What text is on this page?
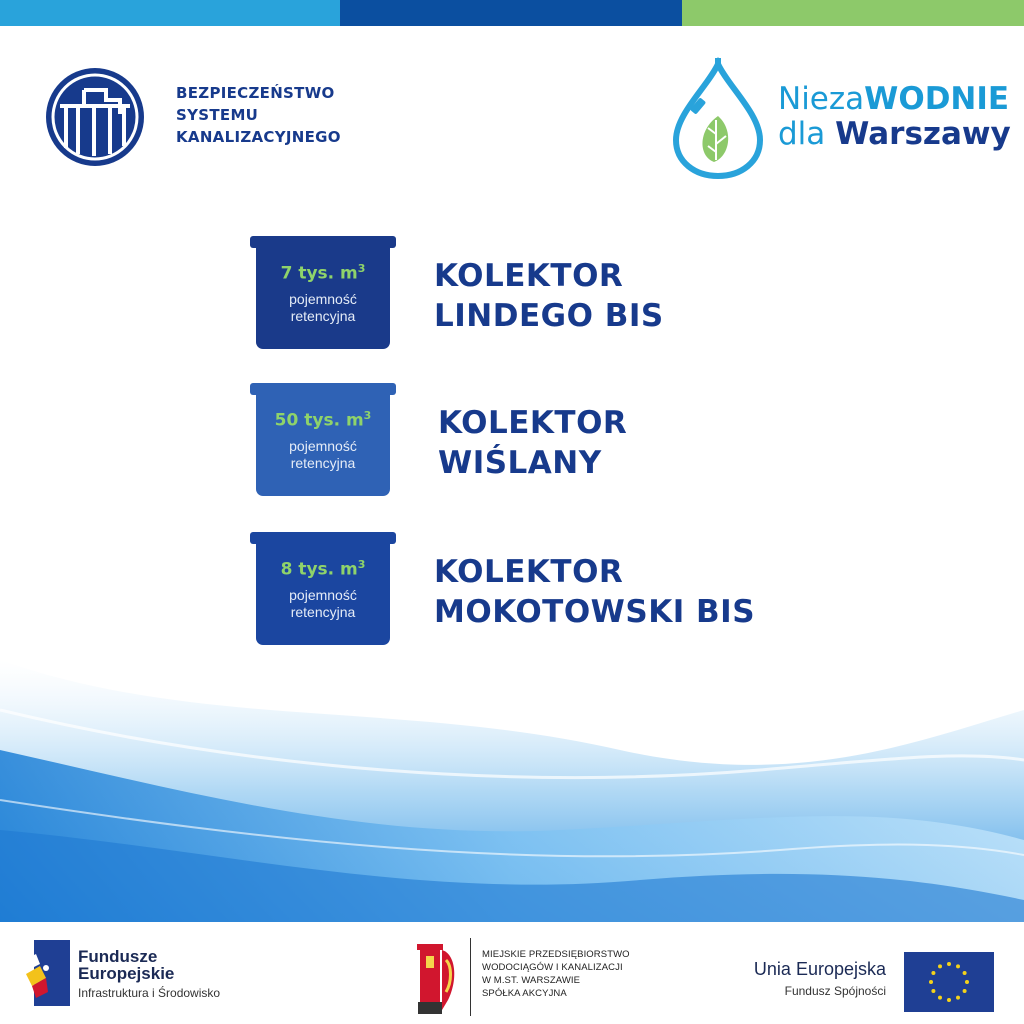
BEZPIECZEŃSTWO
SYSTEMU
KANALIZACYJNEGO
NiezaWODNIE
dla Warszawy
7 tys. $m^3$
pojemność
retencyjna
KOLEKTOR
LINDEGO BIS
50 tys. $m^3$
pojemność
retencyjna
KOLEKTOR
WIŚLANY
8 tys. $m^3$
pojemność
retencyjna
KOLEKTOR
MOKOTOWSKI BIS
Fundusze
Europejskie
Infrastruktura i Środowisko
MIEJSKIE PRZEDSIĘBIORSTWO
WODOCIĄGÓW I KANALIZACJI
W M.ST. WARSZAWIE
SPÓŁKA AKCYJNA
Unia Europejska
Fundusz Spójności
